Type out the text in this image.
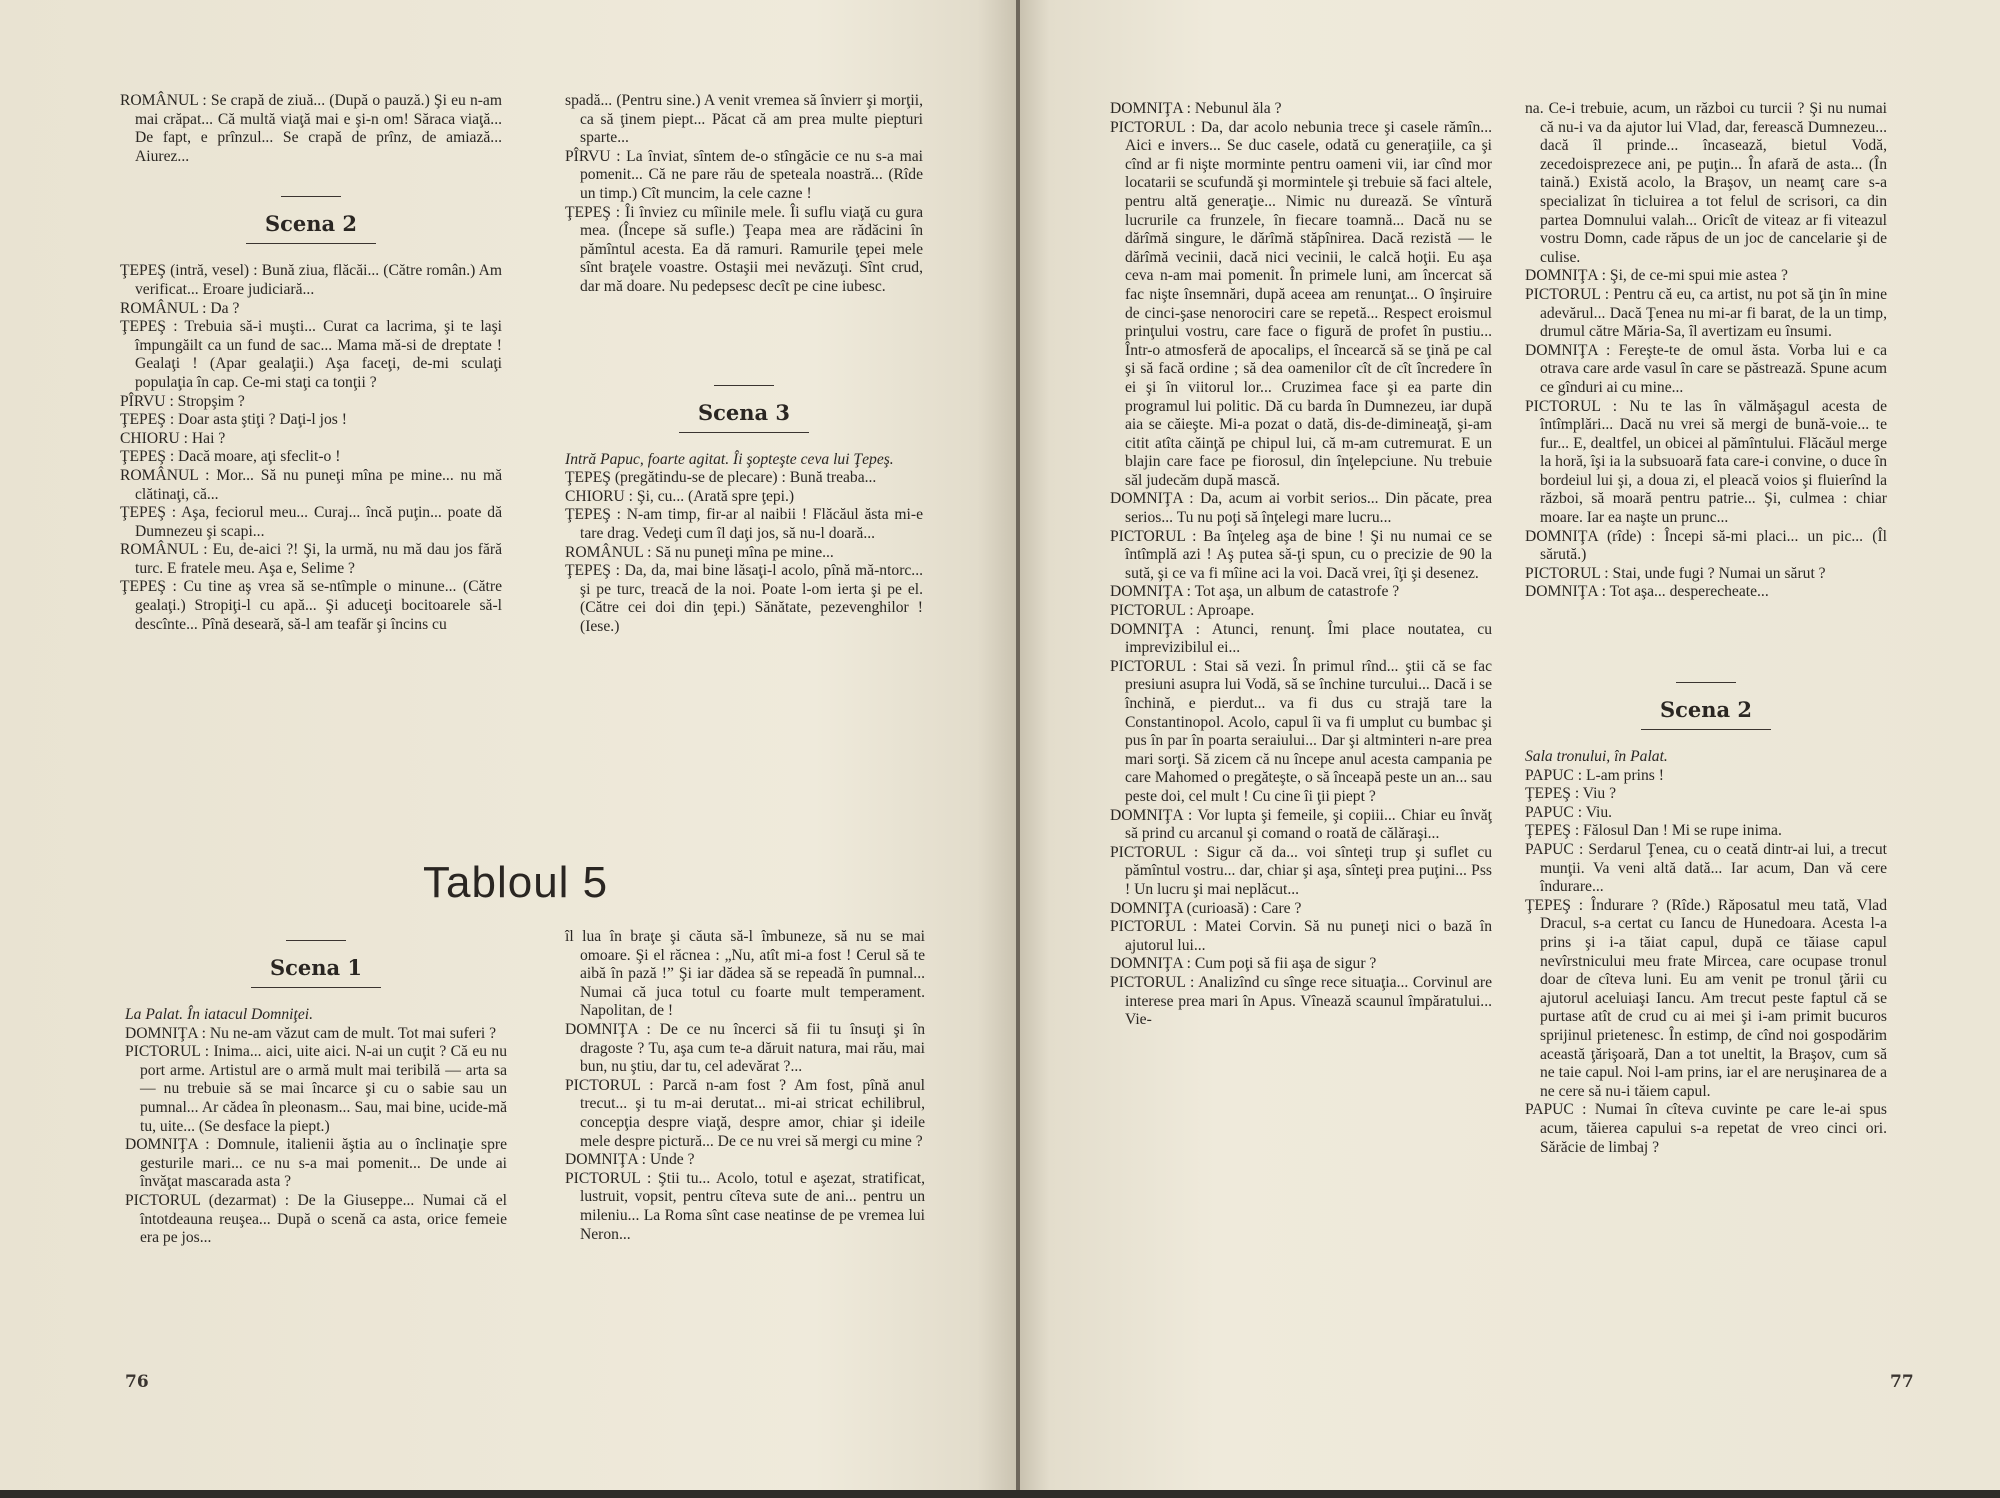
ROMÂNUL : Se crapă de ziuă... (După o pauză.) Şi eu n-am mai crăpat... Că multă viaţă mai e şi-n om! Săraca viaţă... De fapt, e prînzul... Se crapă de prînz, de amiază... Aiurez...

Scena 2

ŢEPEŞ (intră, vesel) : Bună ziua, flăcăi... (Către român.) Am verificat... Eroare judiciară...

ROMÂNUL : Da ?

ŢEPEŞ : Trebuia să-i muşti... Curat ca lacrima, şi te laşi împungăilt ca un fund de sac... Mama mă-si de dreptate ! Gealaţi ! (Apar gealaţii.) Aşa faceţi, de-mi sculaţi populaţia în cap. Ce-mi staţi ca tonţii ?

PÎRVU : Stropşim ?

ŢEPEŞ : Doar asta ştiţi ? Daţi-l jos !

CHIORU : Hai ?

ŢEPEŞ : Dacă moare, aţi sfeclit-o !

ROMÂNUL : Mor... Să nu puneţi mîna pe mine... nu mă clătinaţi, că...

ŢEPEŞ : Aşa, feciorul meu... Curaj... încă puţin... poate dă Dumnezeu şi scapi...

ROMÂNUL : Eu, de-aici ?! Şi, la urmă, nu mă dau jos fără turc. E fratele meu. Aşa e, Selime ?

ŢEPEŞ : Cu tine aş vrea să se-ntîmple o minune... (Către gealaţi.) Stropiţi-l cu apă... Şi aduceţi bocitoarele să-l descînte... Pînă deseară, să-l am teafăr şi încins cu

spadă... (Pentru sine.) A venit vremea să învierr şi morţii, ca să ţinem piept... Păcat că am prea multe piepturi sparte...

PÎRVU : La înviat, sîntem de-o stîngăcie ce nu s-a mai pomenit... Că ne pare rău de speteala noastră... (Rîde un timp.) Cît muncim, la cele cazne !

ŢEPEŞ : Îi înviez cu mîinile mele. Îi suflu viaţă cu gura mea. (Începe să sufle.) Ţeapa mea are rădăcini în pămîntul acesta. Ea dă ramuri. Ramurile ţepei mele sînt braţele voastre. Ostaşii mei nevăzuţi. Sînt crud, dar mă doare. Nu pedepsesc decît pe cine iubesc.

Scena 3

Intră Papuc, foarte agitat. Îi şopteşte ceva lui Ţepeş.

ŢEPEŞ (pregătindu-se de plecare) : Bună treaba...

CHIORU : Şi, cu... (Arată spre ţepi.)

ŢEPEŞ : N-am timp, fir-ar al naibii ! Flăcăul ăsta mi-e tare drag. Vedeţi cum îl daţi jos, să nu-l doară...

ROMÂNUL : Să nu puneţi mîna pe mine...

ŢEPEŞ : Da, da, mai bine lăsaţi-l acolo, pînă mă-ntorc... şi pe turc, treacă de la noi. Poate l-om ierta şi pe el. (Către cei doi din ţepi.) Sănătate, pezevenghilor ! (Iese.)

Tabloul 5
Scena 1

La Palat. În iatacul Domniţei.

DOMNIŢA : Nu ne-am văzut cam de mult. Tot mai suferi ?

PICTORUL : Inima... aici, uite aici. N-ai un cuţit ? Că eu nu port arme. Artistul are o armă mult mai teribilă — arta sa — nu trebuie să se mai încarce şi cu o sabie sau un pumnal... Ar cădea în pleonasm... Sau, mai bine, ucide-mă tu, uite... (Se desface la piept.)

DOMNIŢA : Domnule, italienii ăştia au o înclinaţie spre gesturile mari... ce nu s-a mai pomenit... De unde ai învăţat mascarada asta ?

PICTORUL (dezarmat) : De la Giuseppe... Numai că el întotdeauna reuşea... După o scenă ca asta, orice femeie era pe jos...

îl lua în braţe şi căuta să-l îmbuneze, să nu se mai omoare. Şi el răcnea : „Nu, atît mi-a fost ! Cerul să te aibă în pază !” Şi iar dădea să se repeadă în pumnal... Numai că juca totul cu foarte mult temperament. Napolitan, de !

DOMNIŢA : De ce nu încerci să fii tu însuţi şi în dragoste ? Tu, aşa cum te-a dăruit natura, mai rău, mai bun, nu ştiu, dar tu, cel adevărat ?...

PICTORUL : Parcă n-am fost ? Am fost, pînă anul trecut... şi tu m-ai derutat... mi-ai stricat echilibrul, concepţia despre viaţă, despre amor, chiar şi ideile mele despre pictură... De ce nu vrei să mergi cu mine ?

DOMNIŢA : Unde ?

PICTORUL : Ştii tu... Acolo, totul e aşezat, stratificat, lustruit, vopsit, pentru cîteva sute de ani... pentru un mileniu... La Roma sînt case neatinse de pe vremea lui Neron...

76

DOMNIŢA : Nebunul ăla ?

PICTORUL : Da, dar acolo nebunia trece şi casele rămîn... Aici e invers... Se duc casele, odată cu generaţiile, ca şi cînd ar fi nişte morminte pentru oameni vii, iar cînd mor locatarii se scufundă şi mormintele şi trebuie să faci altele, pentru altă generaţie... Nimic nu durează. Se vîntură lucrurile ca frunzele, în fiecare toamnă... Dacă nu se dărîmă singure, le dărîmă stăpînirea. Dacă rezistă — le dărîmă vecinii, dacă nici vecinii, le calcă hoţii. Eu aşa ceva n-am mai pomenit. În primele luni, am încercat să fac nişte însemnări, după aceea am renunţat... O înşiruire de cinci-şase nenorociri care se repetă... Respect eroismul prinţului vostru, care face o figură de profet în pustiu... Într-o atmosferă de apocalips, el încearcă să se ţină pe cal şi să facă ordine ; să dea oamenilor cît de cît încredere în ei şi în viitorul lor... Cruzimea face şi ea parte din programul lui politic. Dă cu barda în Dumnezeu, iar după aia se căieşte. Mi-a pozat o dată, dis-de-dimineaţă, şi-am citit atîta căinţă pe chipul lui, că m-am cutremurat. E un blajin care face pe fiorosul, din înţelepciune. Nu trebuie săl judecăm după mască.

DOMNIŢA : Da, acum ai vorbit serios... Din păcate, prea serios... Tu nu poţi să înţelegi mare lucru...

PICTORUL : Ba înţeleg aşa de bine ! Şi nu numai ce se întîmplă azi ! Aş putea să-ţi spun, cu o precizie de 90 la sută, şi ce va fi mîine aci la voi. Dacă vrei, îţi şi desenez.

DOMNIŢA : Tot aşa, un album de catastrofe ?

PICTORUL : Aproape.

DOMNIŢA : Atunci, renunţ. Îmi place noutatea, cu imprevizibilul ei...

PICTORUL : Stai să vezi. În primul rînd... ştii că se fac presiuni asupra lui Vodă, să se închine turcului... Dacă i se închină, e pierdut... va fi dus cu strajă tare la Constantinopol. Acolo, capul îi va fi umplut cu bumbac şi pus în par în poarta seraiului... Dar şi altminteri n-are prea mari sorţi. Să zicem că nu începe anul acesta campania pe care Mahomed o pregăteşte, o să înceapă peste un an... sau peste doi, cel mult ! Cu cine îi ţii piept ?

DOMNIŢA : Vor lupta şi femeile, şi copiii... Chiar eu învăţ să prind cu arcanul şi comand o roată de călăraşi...

PICTORUL : Sigur că da... voi sînteţi trup şi suflet cu pămîntul vostru... dar, chiar şi aşa, sînteţi prea puţini... Pss ! Un lucru şi mai neplăcut...

DOMNIŢA (curioasă) : Care ?

PICTORUL : Matei Corvin. Să nu puneţi nici o bază în ajutorul lui...

DOMNIŢA : Cum poţi să fii aşa de sigur ?

PICTORUL : Analizînd cu sînge rece situaţia... Corvinul are interese prea mari în Apus. Vînează scaunul împăratului... Vie-

na. Ce-i trebuie, acum, un război cu turcii ? Şi nu numai că nu-i va da ajutor lui Vlad, dar, ferească Dumnezeu... dacă îl prinde... încasează, bietul Vodă, zecedoisprezece ani, pe puţin... În afară de asta... (În taină.) Există acolo, la Braşov, un neamţ care s-a specializat în ticluirea a tot felul de scrisori, ca din partea Domnului valah... Oricît de viteaz ar fi viteazul vostru Domn, cade răpus de un joc de cancelarie şi de culise.

DOMNIŢA : Şi, de ce-mi spui mie astea ?

PICTORUL : Pentru că eu, ca artist, nu pot să ţin în mine adevărul... Dacă Ţenea nu mi-ar fi barat, de la un timp, drumul către Măria-Sa, îl avertizam eu însumi.

DOMNIŢA : Fereşte-te de omul ăsta. Vorba lui e ca otrava care arde vasul în care se păstrează. Spune acum ce gînduri ai cu mine...

PICTORUL : Nu te las în vălmăşagul acesta de întîmplări... Dacă nu vrei să mergi de bună-voie... te fur... E, dealtfel, un obicei al pămîntului. Flăcăul merge la horă, îşi ia la subsuoară fata care-i convine, o duce în bordeiul lui şi, a doua zi, el pleacă voios şi fluierînd la război, să moară pentru patrie... Şi, culmea : chiar moare. Iar ea naşte un prunc...

DOMNIŢA (rîde) : Începi să-mi placi... un pic... (Îl sărută.)

PICTORUL : Stai, unde fugi ? Numai un sărut ?

DOMNIŢA : Tot aşa... desperecheate...

Scena 2

Sala tronului, în Palat.

PAPUC : L-am prins !

ŢEPEŞ : Viu ?

PAPUC : Viu.

ŢEPEŞ : Fălosul Dan ! Mi se rupe inima.

PAPUC : Serdarul Ţenea, cu o ceată dintr-ai lui, a trecut munţii. Va veni altă dată... Iar acum, Dan vă cere îndurare...

ŢEPEŞ : Îndurare ? (Rîde.) Răposatul meu tată, Vlad Dracul, s-a certat cu Iancu de Hunedoara. Acesta l-a prins şi i-a tăiat capul, după ce tăiase capul nevîrstnicului meu frate Mircea, care ocupase tronul doar de cîteva luni. Eu am venit pe tronul ţării cu ajutorul aceluiaşi Iancu. Am trecut peste faptul că se purtase atît de crud cu ai mei şi i-am primit bucuros sprijinul prietenesc. În estimp, de cînd noi gospodărim această ţărişoară, Dan a tot uneltit, la Braşov, cum să ne taie capul. Noi l-am prins, iar el are neruşinarea de a ne cere să nu-i tăiem capul.

PAPUC : Numai în cîteva cuvinte pe care le-ai spus acum, tăierea capului s-a repetat de vreo cinci ori. Sărăcie de limbaj ?

77
